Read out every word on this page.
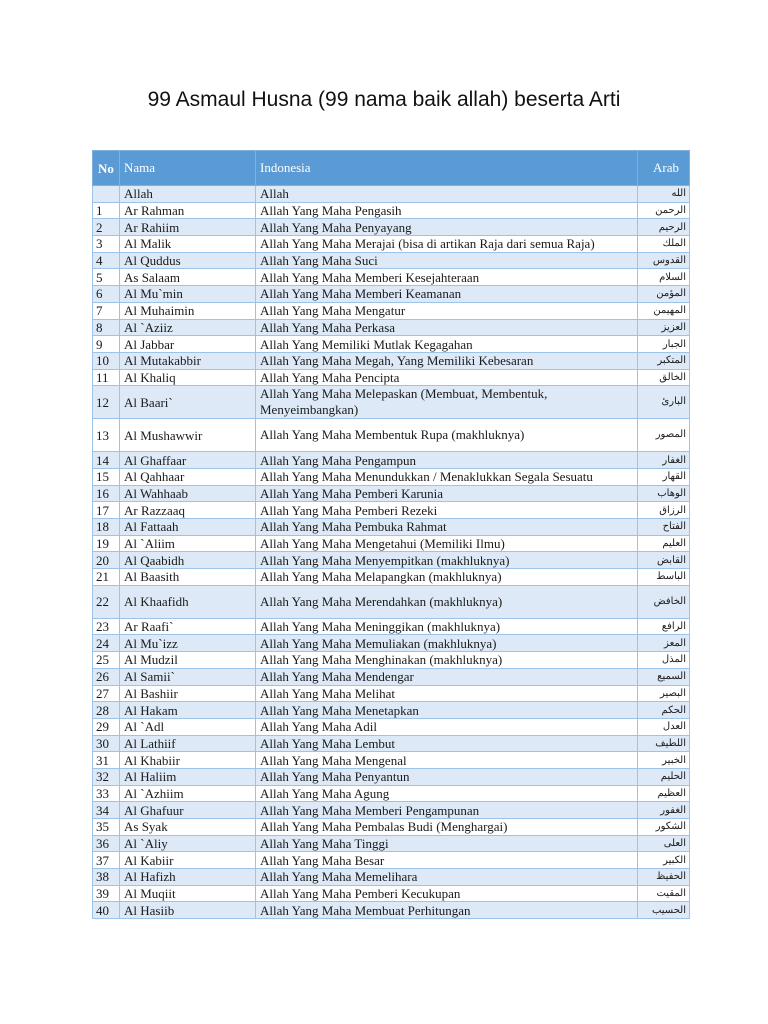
99 Asmaul Husna (99 nama baik allah) beserta Arti
No	Nama	Indonesia	Arab
	Allah	Allah	الله
1	Ar Rahman	Allah Yang Maha Pengasih	الرحمن
2	Ar Rahiim	Allah Yang Maha Penyayang	الرحيم
3	Al Malik	Allah Yang Maha Merajai (bisa di artikan Raja dari semua Raja)	الملك
4	Al Quddus	Allah Yang Maha Suci	القدوس
5	As Salaam	Allah Yang Maha Memberi Kesejahteraan	السلام
6	Al Mu`min	Allah Yang Maha Memberi Keamanan	المؤمن
7	Al Muhaimin	Allah Yang Maha Mengatur	المهيمن
8	Al `Aziiz	Allah Yang Maha Perkasa	العزيز
9	Al Jabbar	Allah Yang Memiliki Mutlak Kegagahan	الجبار
10	Al Mutakabbir	Allah Yang Maha Megah, Yang Memiliki Kebesaran	المتكبر
11	Al Khaliq	Allah Yang Maha Pencipta	الخالق
12	Al Baari`	Allah Yang Maha Melepaskan (Membuat, Membentuk, Menyeimbangkan)	البارئ
13	Al Mushawwir	Allah Yang Maha Membentuk Rupa (makhluknya)	المصور
14	Al Ghaffaar	Allah Yang Maha Pengampun	الغفار
15	Al Qahhaar	Allah Yang Maha Menundukkan / Menaklukkan Segala Sesuatu	القهار
16	Al Wahhaab	Allah Yang Maha Pemberi Karunia	الوهاب
17	Ar Razzaaq	Allah Yang Maha Pemberi Rezeki	الرزاق
18	Al Fattaah	Allah Yang Maha Pembuka Rahmat	الفتاح
19	Al `Aliim	Allah Yang Maha Mengetahui (Memiliki Ilmu)	العليم
20	Al Qaabidh	Allah Yang Maha Menyempitkan (makhluknya)	القابض
21	Al Baasith	Allah Yang Maha Melapangkan (makhluknya)	الباسط
22	Al Khaafidh	Allah Yang Maha Merendahkan (makhluknya)	الخافض
23	Ar Raafi`	Allah Yang Maha Meninggikan (makhluknya)	الرافع
24	Al Mu`izz	Allah Yang Maha Memuliakan (makhluknya)	المعز
25	Al Mudzil	Allah Yang Maha Menghinakan (makhluknya)	المذل
26	Al Samii`	Allah Yang Maha Mendengar	السميع
27	Al Bashiir	Allah Yang Maha Melihat	البصير
28	Al Hakam	Allah Yang Maha Menetapkan	الحكم
29	Al `Adl	Allah Yang Maha Adil	العدل
30	Al Lathiif	Allah Yang Maha Lembut	اللطيف
31	Al Khabiir	Allah Yang Maha Mengenal	الخبير
32	Al Haliim	Allah Yang Maha Penyantun	الحليم
33	Al `Azhiim	Allah Yang Maha Agung	العظيم
34	Al Ghafuur	Allah Yang Maha Memberi Pengampunan	الغفور
35	As Syak	Allah Yang Maha Pembalas Budi (Menghargai)	الشكور
36	Al `Aliy	Allah Yang Maha Tinggi	العلى
37	Al Kabiir	Allah Yang Maha Besar	الكبير
38	Al Hafizh	Allah Yang Maha Memelihara	الحفيظ
39	Al Muqiit	Allah Yang Maha Pemberi Kecukupan	المقيت
40	Al Hasiib	Allah Yang Maha Membuat Perhitungan	الحسيب
